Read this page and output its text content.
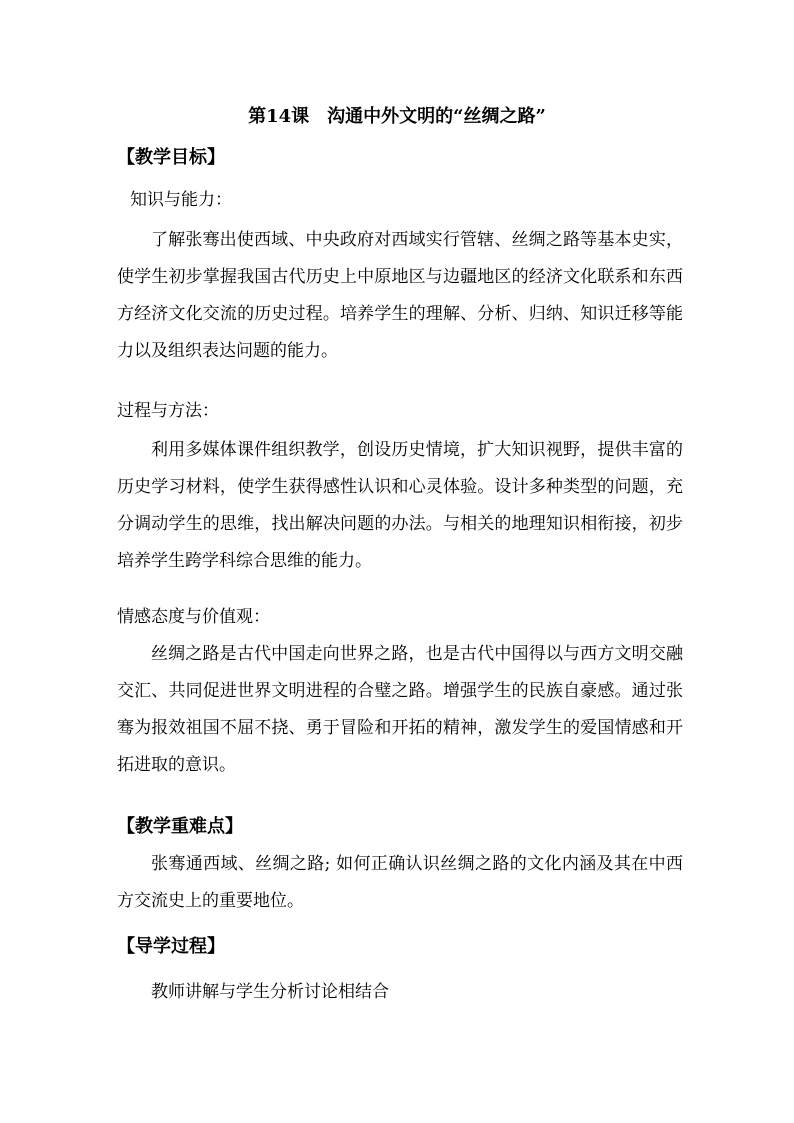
第14课　沟通中外文明的“丝绸之路”
【教学目标】
知识与能力：
了解张骞出使西域、中央政府对西域实行管辖、丝绸之路等基本史实，使学生初步掌握我国古代历史上中原地区与边疆地区的经济文化联系和东西方经济文化交流的历史过程。培养学生的理解、分析、归纳、知识迁移等能力以及组织表达问题的能力。
过程与方法：
利用多媒体课件组织教学，创设历史情境，扩大知识视野，提供丰富的历史学习材料，使学生获得感性认识和心灵体验。设计多种类型的问题，充分调动学生的思维，找出解决问题的办法。与相关的地理知识相衔接，初步培养学生跨学科综合思维的能力。
情感态度与价值观：
丝绸之路是古代中国走向世界之路，也是古代中国得以与西方文明交融交汇、共同促进世界文明进程的合璧之路。增强学生的民族自豪感。通过张骞为报效祖国不屈不挠、勇于冒险和开拓的精神，激发学生的爱国情感和开拓进取的意识。
【教学重难点】
张骞通西域、丝绸之路; 如何正确认识丝绸之路的文化内涵及其在中西方交流史上的重要地位。
【导学过程】
教师讲解与学生分析讨论相结合
